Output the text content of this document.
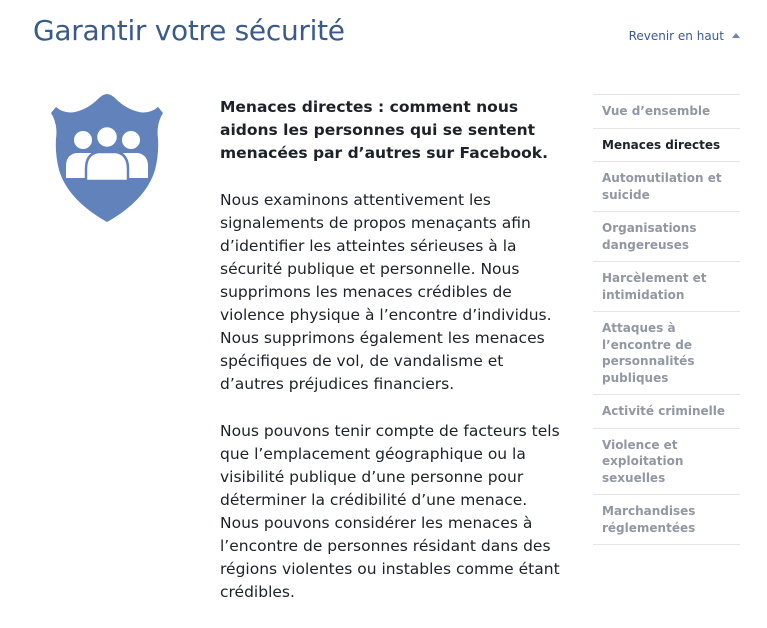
Garantir votre sécurité	Revenir en haut
Menaces directes : comment nous aidons les personnes qui se sentent menacées par d’autres sur Facebook.

Nous examinons attentivement les signalements de propos menaçants afin d’identifier les atteintes sérieuses à la sécurité publique et personnelle. Nous supprimons les menaces crédibles de violence physique à l’encontre d’individus. Nous supprimons également les menaces spécifiques de vol, de vandalisme et d’autres préjudices financiers.

Nous pouvons tenir compte de facteurs tels que l’emplacement géographique ou la visibilité publique d’une personne pour déterminer la crédibilité d’une menace. Nous pouvons considérer les menaces à l’encontre de personnes résidant dans des régions violentes ou instables comme étant crédibles.

Vue d’ensemble
Menaces directes
Automutilation et suicide
Organisations dangereuses
Harcèlement et intimidation
Attaques à l’encontre de personnalités publiques
Activité criminelle
Violence et exploitation sexuelles
Marchandises réglementées
